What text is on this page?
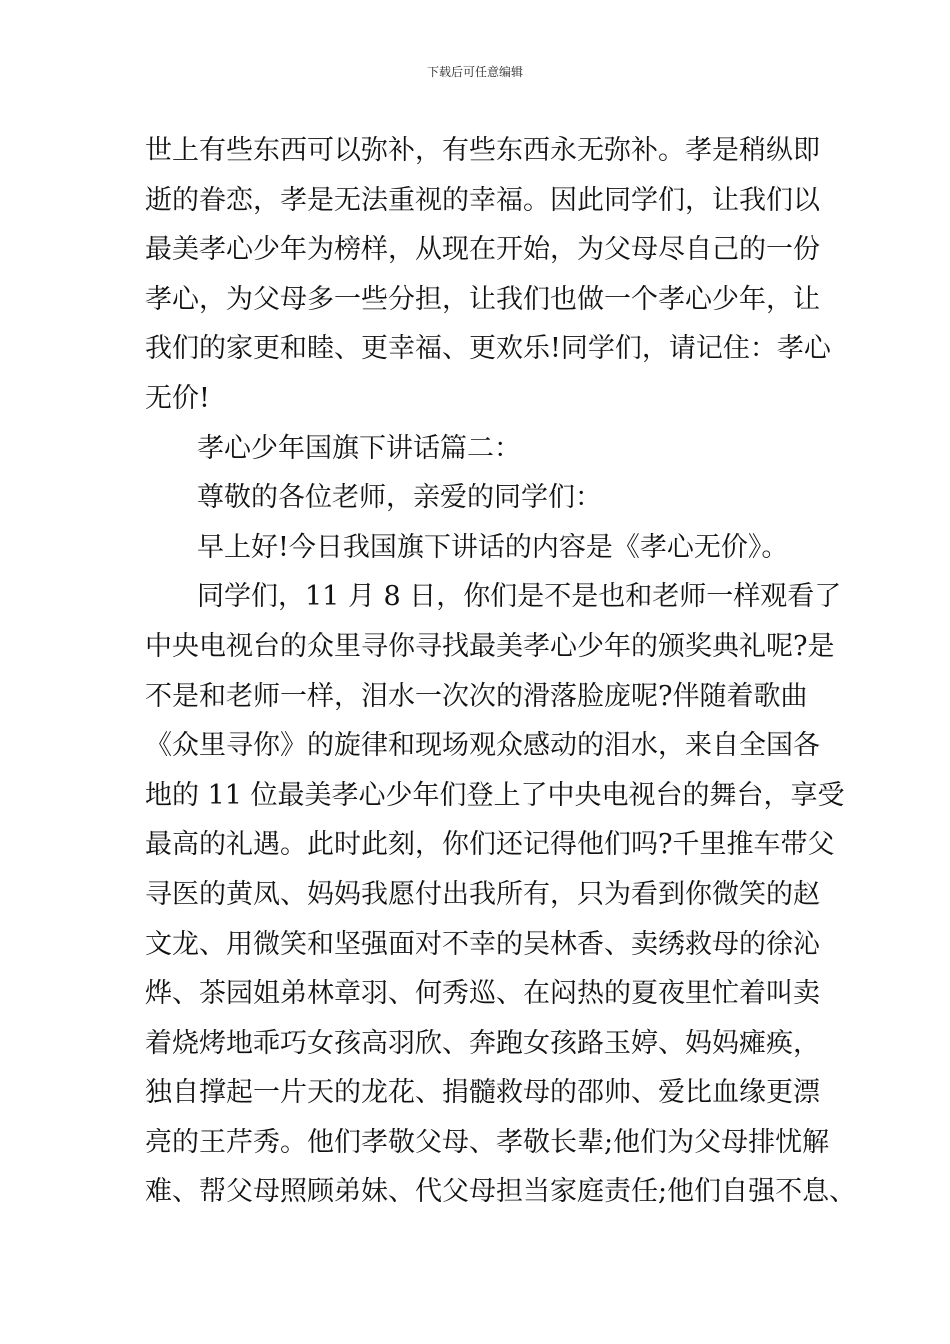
下载后可任意编辑
世上有些东西可以弥补，有些东西永无弥补。孝是稍纵即
逝的眷恋，孝是无法重视的幸福。因此同学们，让我们以
最美孝心少年为榜样，从现在开始，为父母尽自己的一份
孝心，为父母多一些分担，让我们也做一个孝心少年，让
我们的家更和睦、更幸福、更欢乐!同学们，请记住：孝心
无价!
孝心少年国旗下讲话篇二：
尊敬的各位老师，亲爱的同学们：
早上好!今日我国旗下讲话的内容是《孝心无价》。
同学们，11 月 8 日，你们是不是也和老师一样观看了
中央电视台的众里寻你寻找最美孝心少年的颁奖典礼呢?是
不是和老师一样，泪水一次次的滑落脸庞呢?伴随着歌曲
《众里寻你》的旋律和现场观众感动的泪水，来自全国各
地的 11 位最美孝心少年们登上了中央电视台的舞台，享受
最高的礼遇。此时此刻，你们还记得他们吗?千里推车带父
寻医的黄凤、妈妈我愿付出我所有，只为看到你微笑的赵
文龙、用微笑和坚强面对不幸的吴林香、卖绣救母的徐沁
烨、茶园姐弟林章羽、何秀巡、在闷热的夏夜里忙着叫卖
着烧烤地乖巧女孩高羽欣、奔跑女孩路玉婷、妈妈瘫痪，
独自撑起一片天的龙花、捐髓救母的邵帅、爱比血缘更漂
亮的王芹秀。他们孝敬父母、孝敬长辈;他们为父母排忧解
难、帮父母照顾弟妹、代父母担当家庭责任;他们自强不息、
